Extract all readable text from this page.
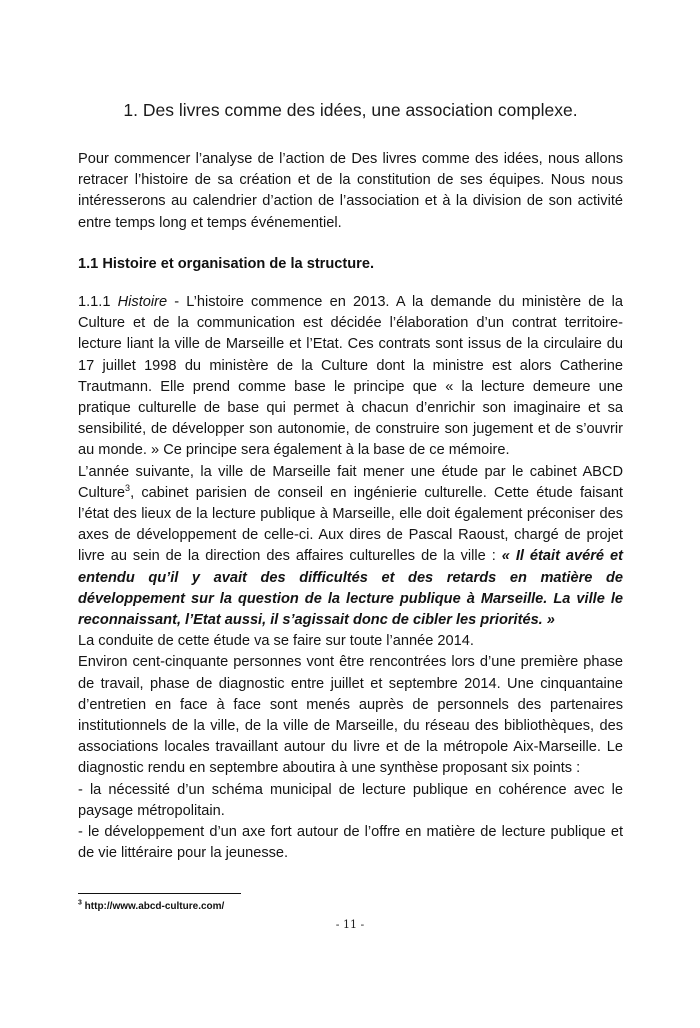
1. Des livres comme des idées, une association complexe.

Pour commencer l’analyse de l’action de Des livres comme des idées, nous allons retracer l’histoire de sa création et de la constitution de ses équipes. Nous nous intéresserons au calendrier d’action de l’association et à la division de son activité entre temps long et temps événementiel.

1.1 Histoire et organisation de la structure.

1.1.1 Histoire - L’histoire commence en 2013. A la demande du ministère de la Culture et de la communication est décidée l’élaboration d’un contrat territoire-lecture liant la ville de Marseille et l’Etat. Ces contrats sont issus de la circulaire du 17 juillet 1998 du ministère de la Culture dont la ministre est alors Catherine Trautmann. Elle prend comme base le principe que « la lecture demeure une pratique culturelle de base qui permet à chacun d’enrichir son imaginaire et sa sensibilité, de développer son autonomie, de construire son jugement et de s’ouvrir au monde. » Ce principe sera également à la base de ce mémoire.

L’année suivante, la ville de Marseille fait mener une étude par le cabinet ABCD Culture$^3$, cabinet parisien de conseil en ingénierie culturelle. Cette étude faisant l’état des lieux de la lecture publique à Marseille, elle doit également préconiser des axes de développement de celle-ci. Aux dires de Pascal Raoust, chargé de projet livre au sein de la direction des affaires culturelles de la ville : « Il était avéré et entendu qu’il y avait des difficultés et des retards en matière de développement sur la question de la lecture publique à Marseille. La ville le reconnaissant, l’Etat aussi, il s’agissait donc de cibler les priorités. »

La conduite de cette étude va se faire sur toute l’année 2014.

Environ cent-cinquante personnes vont être rencontrées lors d’une première phase de travail, phase de diagnostic entre juillet et septembre 2014. Une cinquantaine d’entretien en face à face sont menés auprès de personnels des partenaires institutionnels de la ville, de la ville de Marseille, du réseau des bibliothèques, des associations locales travaillant autour du livre et de la métropole Aix-Marseille. Le diagnostic rendu en septembre aboutira à une synthèse proposant six points :

- la nécessité d’un schéma municipal de lecture publique en cohérence avec le paysage métropolitain.

- le développement d’un axe fort autour de l’offre en matière de lecture publique et de vie littéraire pour la jeunesse.

$^3$ http://www.abcd-culture.com/
- 11 -
